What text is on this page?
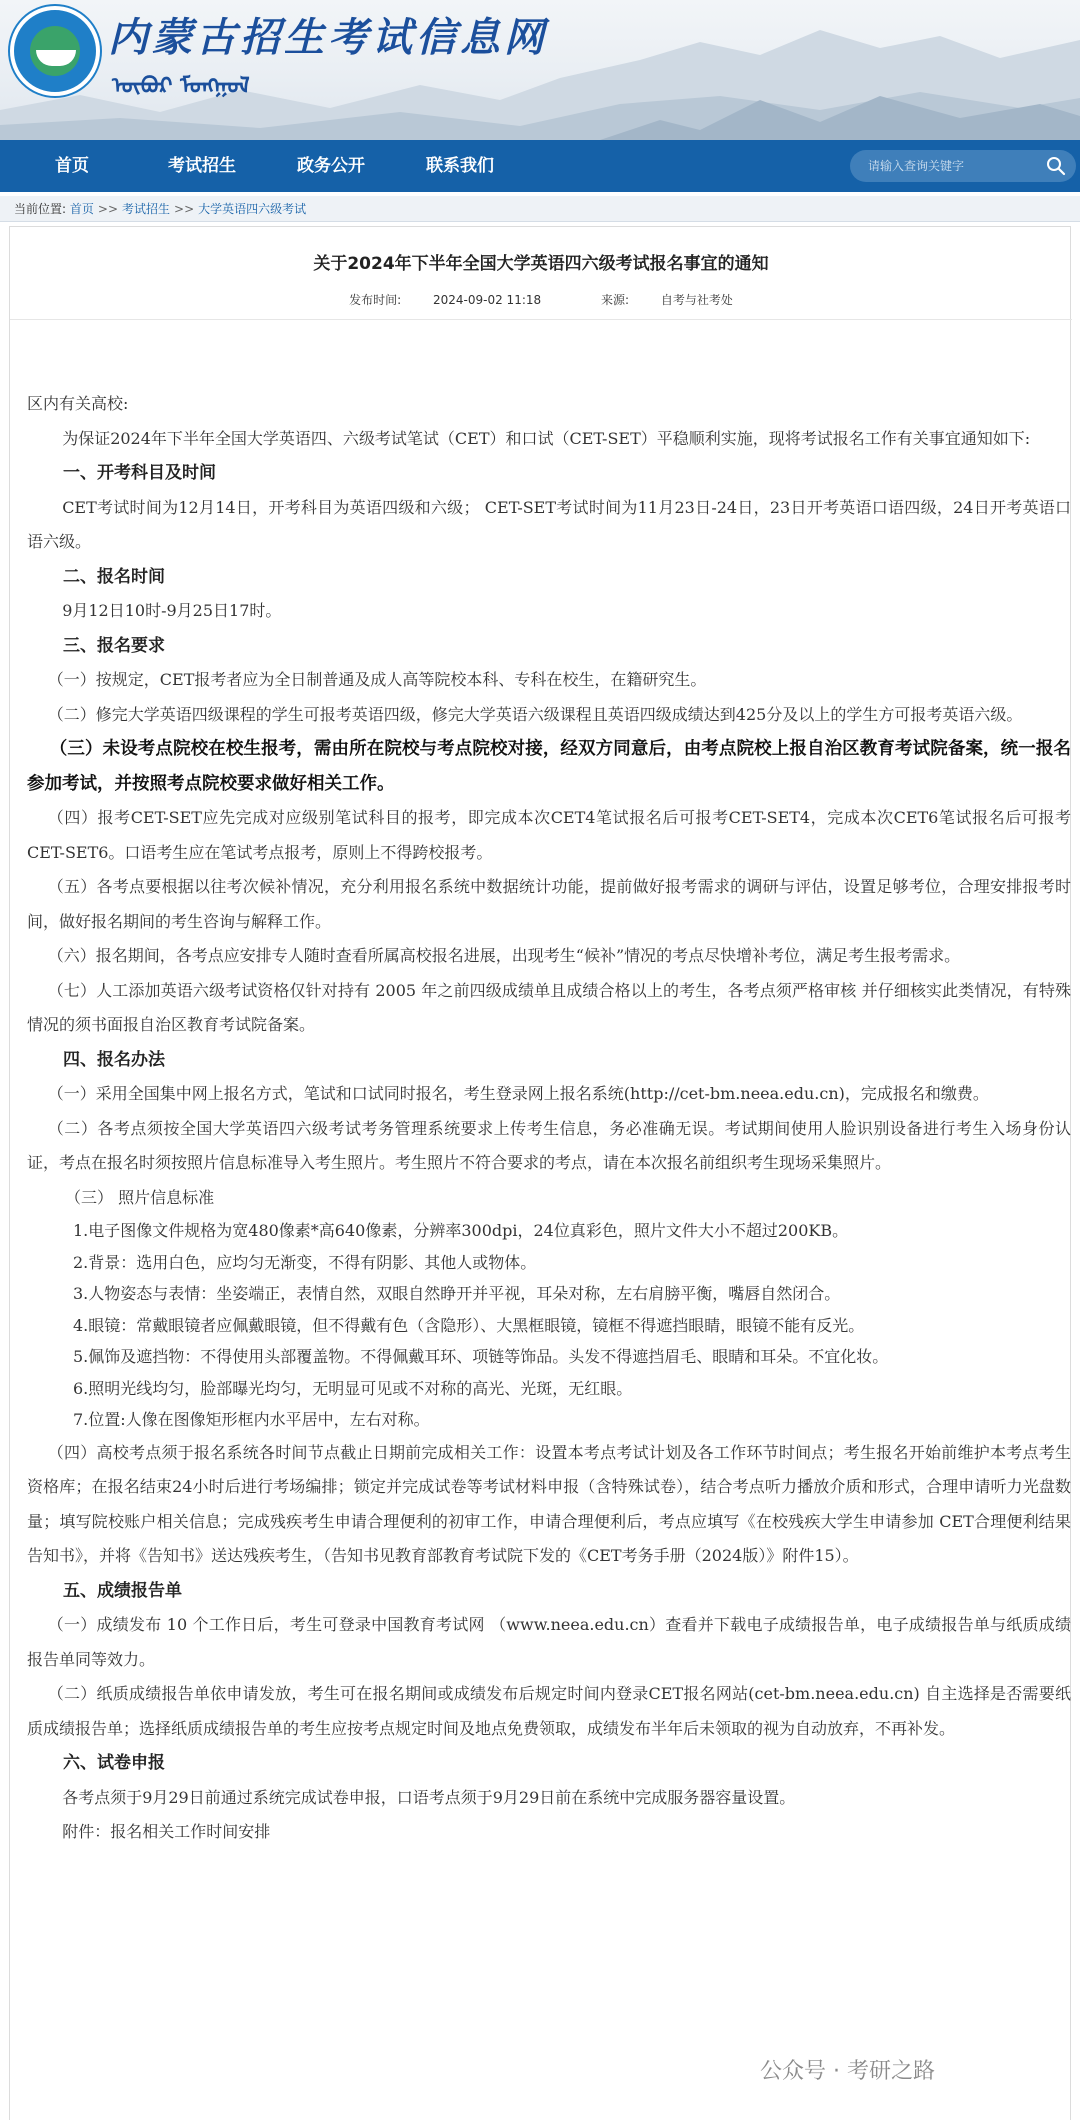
内蒙古招生考试信息网
ᠥᠪᠥᠷ ᠮᠣᠩᠭᠣᠯ
首页	考试招生	政务公开	联系我们
请输入查询关键字
当前位置: 首页 >> 考试招生 >> 大学英语四六级考试
关于2024年下半年全国大学英语四六级考试报名事宜的通知
发布时间:	2024-09-02 11:18	来源:	自考与社考处

区内有关高校:

为保证2024年下半年全国大学英语四、六级考试笔试（CET）和口试（CET-SET）平稳顺利实施，现将考试报名工作有关事宜通知如下:

一、开考科目及时间

CET考试时间为12月14日，开考科目为英语四级和六级； CET-SET考试时间为11月23日-24日，23日开考英语口语四级，24日开考英语口语六级。

二、报名时间

9月12日10时-9月25日17时。

三、报名要求

（一）按规定，CET报考者应为全日制普通及成人高等院校本科、专科在校生，在籍研究生。

（二）修完大学英语四级课程的学生可报考英语四级，修完大学英语六级课程且英语四级成绩达到425分及以上的学生方可报考英语六级。

（三）未设考点院校在校生报考，需由所在院校与考点院校对接，经双方同意后，由考点院校上报自治区教育考试院备案，统一报名参加考试，并按照考点院校要求做好相关工作。

（四）报考CET-SET应先完成对应级别笔试科目的报考，即完成本次CET4笔试报名后可报考CET-SET4，完成本次CET6笔试报名后可报考CET-SET6。口语考生应在笔试考点报考，原则上不得跨校报考。

（五）各考点要根据以往考次候补情况，充分利用报名系统中数据统计功能，提前做好报考需求的调研与评估，设置足够考位，合理安排报考时间，做好报名期间的考生咨询与解释工作。

（六）报名期间，各考点应安排专人随时查看所属高校报名进展，出现考生“候补”情况的考点尽快增补考位，满足考生报考需求。

（七）人工添加英语六级考试资格仅针对持有 2005 年之前四级成绩单且成绩合格以上的考生，各考点须严格审核 并仔细核实此类情况，有特殊情况的须书面报自治区教育考试院备案。

四、报名办法

（一）采用全国集中网上报名方式，笔试和口试同时报名，考生登录网上报名系统(http://cet-bm.neea.edu.cn)，完成报名和缴费。

（二）各考点须按全国大学英语四六级考试考务管理系统要求上传考生信息，务必准确无误。考试期间使用人脸识别设备进行考生入场身份认证，考点在报名时须按照片信息标准导入考生照片。考生照片不符合要求的考点，请在本次报名前组织考生现场采集照片。

（三） 照片信息标准

1.电子图像文件规格为宽480像素*高640像素，分辨率300dpi，24位真彩色，照片文件大小不超过200KB。

2.背景：选用白色，应均匀无渐变，不得有阴影、其他人或物体。

3.人物姿态与表情：坐姿端正，表情自然，双眼自然睁开并平视，耳朵对称，左右肩膀平衡，嘴唇自然闭合。

4.眼镜：常戴眼镜者应佩戴眼镜，但不得戴有色（含隐形）、大黑框眼镜，镜框不得遮挡眼睛，眼镜不能有反光。

5.佩饰及遮挡物：不得使用头部覆盖物。不得佩戴耳环、项链等饰品。头发不得遮挡眉毛、眼睛和耳朵。不宜化妆。

6.照明光线均匀，脸部曝光均匀，无明显可见或不对称的高光、光斑，无红眼。

7.位置:人像在图像矩形框内水平居中，左右对称。

（四）高校考点须于报名系统各时间节点截止日期前完成相关工作：设置本考点考试计划及各工作环节时间点；考生报名开始前维护本考点考生资格库；在报名结束24小时后进行考场编排；锁定并完成试卷等考试材料申报（含特殊试卷），结合考点听力播放介质和形式，合理申请听力光盘数量；填写院校账户相关信息；完成残疾考生申请合理便利的初审工作，申请合理便利后，考点应填写《在校残疾大学生申请参加 CET合理便利结果告知书》，并将《告知书》送达残疾考生，（告知书见教育部教育考试院下发的《CET考务手册（2024版）》附件15）。

五、成绩报告单

（一）成绩发布 10 个工作日后，考生可登录中国教育考试网 （www.neea.edu.cn）查看并下载电子成绩报告单，电子成绩报告单与纸质成绩报告单同等效力。

（二）纸质成绩报告单依申请发放，考生可在报名期间或成绩发布后规定时间内登录CET报名网站(cet-bm.neea.edu.cn) 自主选择是否需要纸质成绩报告单；选择纸质成绩报告单的考生应按考点规定时间及地点免费领取，成绩发布半年后未领取的视为自动放弃，不再补发。

六、试卷申报

各考点须于9月29日前通过系统完成试卷申报，口语考点须于9月29日前在系统中完成服务器容量设置。

附件：报名相关工作时间安排

公众号 · 考研之路
